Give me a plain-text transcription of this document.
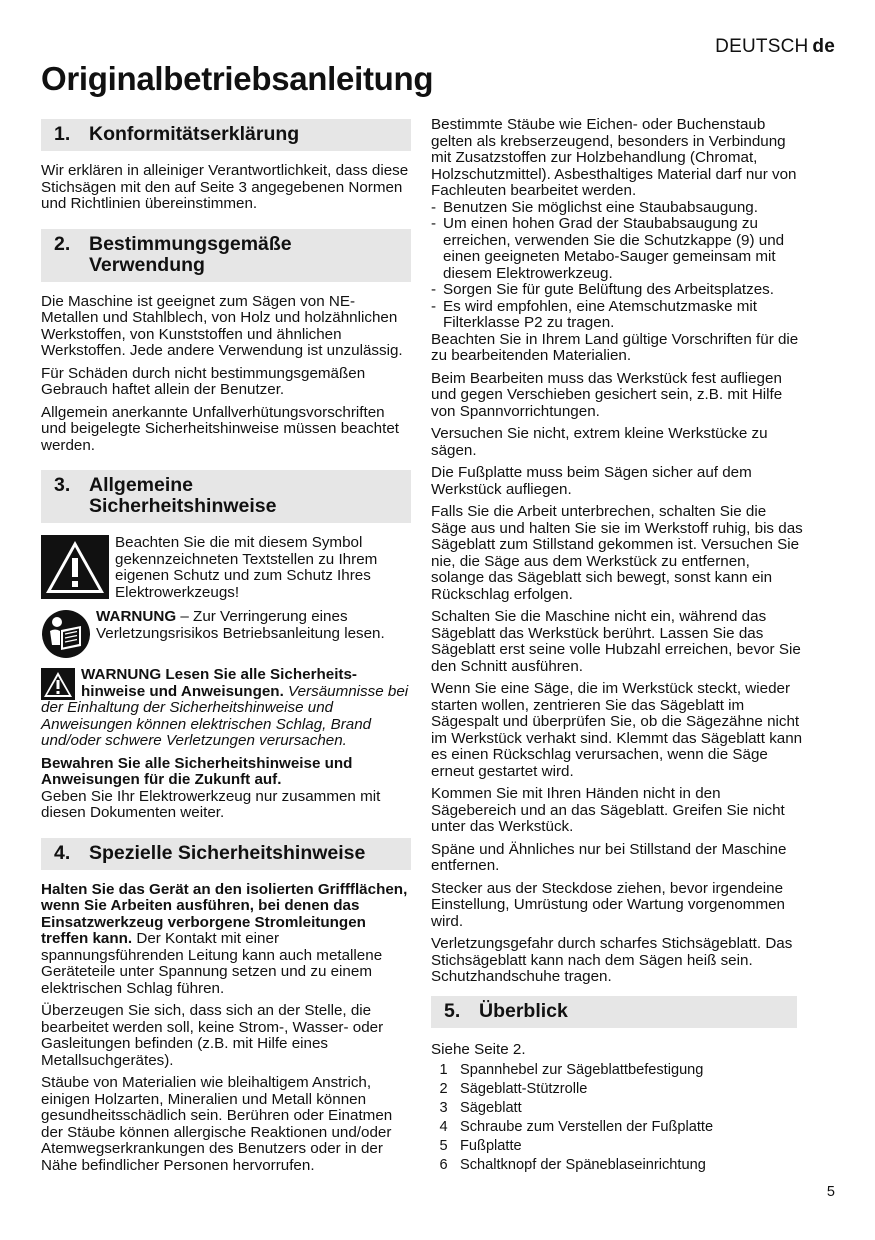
DEUTSCH de
Originalbetriebsanleitung
1. Konformitätserklärung

Wir erklären in alleiniger Verantwortlichkeit, dass diese Stichsägen mit den auf Seite 3 angegebenen Normen und Richtlinien übereinstimmen.

2. Bestimmungsgemäße
Verwendung

Die Maschine ist geeignet zum Sägen von NE-Metallen und Stahlblech, von Holz und holzähnlichen Werkstoffen, von Kunststoffen und ähnlichen Werkstoffen. Jede andere Verwendung ist unzulässig.

Für Schäden durch nicht bestimmungsgemäßen Gebrauch haftet allein der Benutzer.

Allgemein anerkannte Unfallverhütungsvorschriften und beigelegte Sicherheitshinweise müssen beachtet werden.

3. Allgemeine
Sicherheitshinweise
Beachten Sie die mit diesem Symbol gekennzeichneten Textstellen zu Ihrem eigenen Schutz und zum Schutz Ihres Elektrowerkzeugs!
WARNUNG – Zur Verringerung eines Verletzungsrisikos Betriebsanleitung lesen.

WARNUNG Lesen Sie alle Sicherheits-hinweise und Anweisungen. Versäumnisse bei der Einhaltung der Sicherheitshinweise und Anweisungen können elektrischen Schlag, Brand und/oder schwere Verletzungen verursachen.

Bewahren Sie alle Sicherheitshinweise und Anweisungen für die Zukunft auf.
Geben Sie Ihr Elektrowerkzeug nur zusammen mit diesen Dokumenten weiter.

4. Spezielle Sicherheitshinweise

Halten Sie das Gerät an den isolierten Griffflächen, wenn Sie Arbeiten ausführen, bei denen das Einsatzwerkzeug verborgene Stromleitungen treffen kann. Der Kontakt mit einer spannungsführenden Leitung kann auch metallene Geräteteile unter Spannung setzen und zu einem elektrischen Schlag führen.

Überzeugen Sie sich, dass sich an der Stelle, die bearbeitet werden soll, keine Strom-, Wasser- oder Gasleitungen befinden (z.B. mit Hilfe eines Metallsuchgerätes).

Stäube von Materialien wie bleihaltigem Anstrich, einigen Holzarten, Mineralien und Metall können gesundheitsschädlich sein. Berühren oder Einatmen der Stäube können allergische Reaktionen und/oder Atemwegserkrankungen des Benutzers oder in der Nähe befindlicher Personen hervorrufen.

Bestimmte Stäube wie Eichen- oder Buchenstaub gelten als krebserzeugend, besonders in Verbindung mit Zusatzstoffen zur Holzbehandlung (Chromat, Holzschutzmittel). Asbesthaltiges Material darf nur von Fachleuten bearbeitet werden.

- Benutzen Sie möglichst eine Staubabsaugung.
- Um einen hohen Grad der Staubabsaugung zu erreichen, verwenden Sie die Schutzkappe (9) und einen geeigneten Metabo-Sauger gemeinsam mit diesem Elektrowerkzeug.
- Sorgen Sie für gute Belüftung des Arbeitsplatzes.
- Es wird empfohlen, eine Atemschutzmaske mit Filterklasse P2 zu tragen.

Beachten Sie in Ihrem Land gültige Vorschriften für die zu bearbeitenden Materialien.

Beim Bearbeiten muss das Werkstück fest aufliegen und gegen Verschieben gesichert sein, z.B. mit Hilfe von Spannvorrichtungen.

Versuchen Sie nicht, extrem kleine Werkstücke zu sägen.

Die Fußplatte muss beim Sägen sicher auf dem Werkstück aufliegen.

Falls Sie die Arbeit unterbrechen, schalten Sie die Säge aus und halten Sie sie im Werkstoff ruhig, bis das Sägeblatt zum Stillstand gekommen ist. Versuchen Sie nie, die Säge aus dem Werkstück zu entfernen, solange das Sägeblatt sich bewegt, sonst kann ein Rückschlag erfolgen.

Schalten Sie die Maschine nicht ein, während das Sägeblatt das Werkstück berührt. Lassen Sie das Sägeblatt erst seine volle Hubzahl erreichen, bevor Sie den Schnitt ausführen.

Wenn Sie eine Säge, die im Werkstück steckt, wieder starten wollen, zentrieren Sie das Sägeblatt im Sägespalt und überprüfen Sie, ob die Sägezähne nicht im Werkstück verhakt sind. Klemmt das Sägeblatt kann es einen Rückschlag verursachen, wenn die Säge erneut gestartet wird.

Kommen Sie mit Ihren Händen nicht in den Sägebereich und an das Sägeblatt. Greifen Sie nicht unter das Werkstück.

Späne und Ähnliches nur bei Stillstand der Maschine entfernen.

Stecker aus der Steckdose ziehen, bevor irgendeine Einstellung, Umrüstung oder Wartung vorgenommen wird.

Verletzungsgefahr durch scharfes Stichsägeblatt. Das Stichsägeblatt kann nach dem Sägen heiß sein. Schutzhandschuhe tragen.

5. Überblick

Siehe Seite 2.

1 Spannhebel zur Sägeblattbefestigung
2 Sägeblatt-Stützrolle
3 Sägeblatt
4 Schraube zum Verstellen der Fußplatte
5 Fußplatte
6 Schaltknopf der Späneblaseinrichtung
5
